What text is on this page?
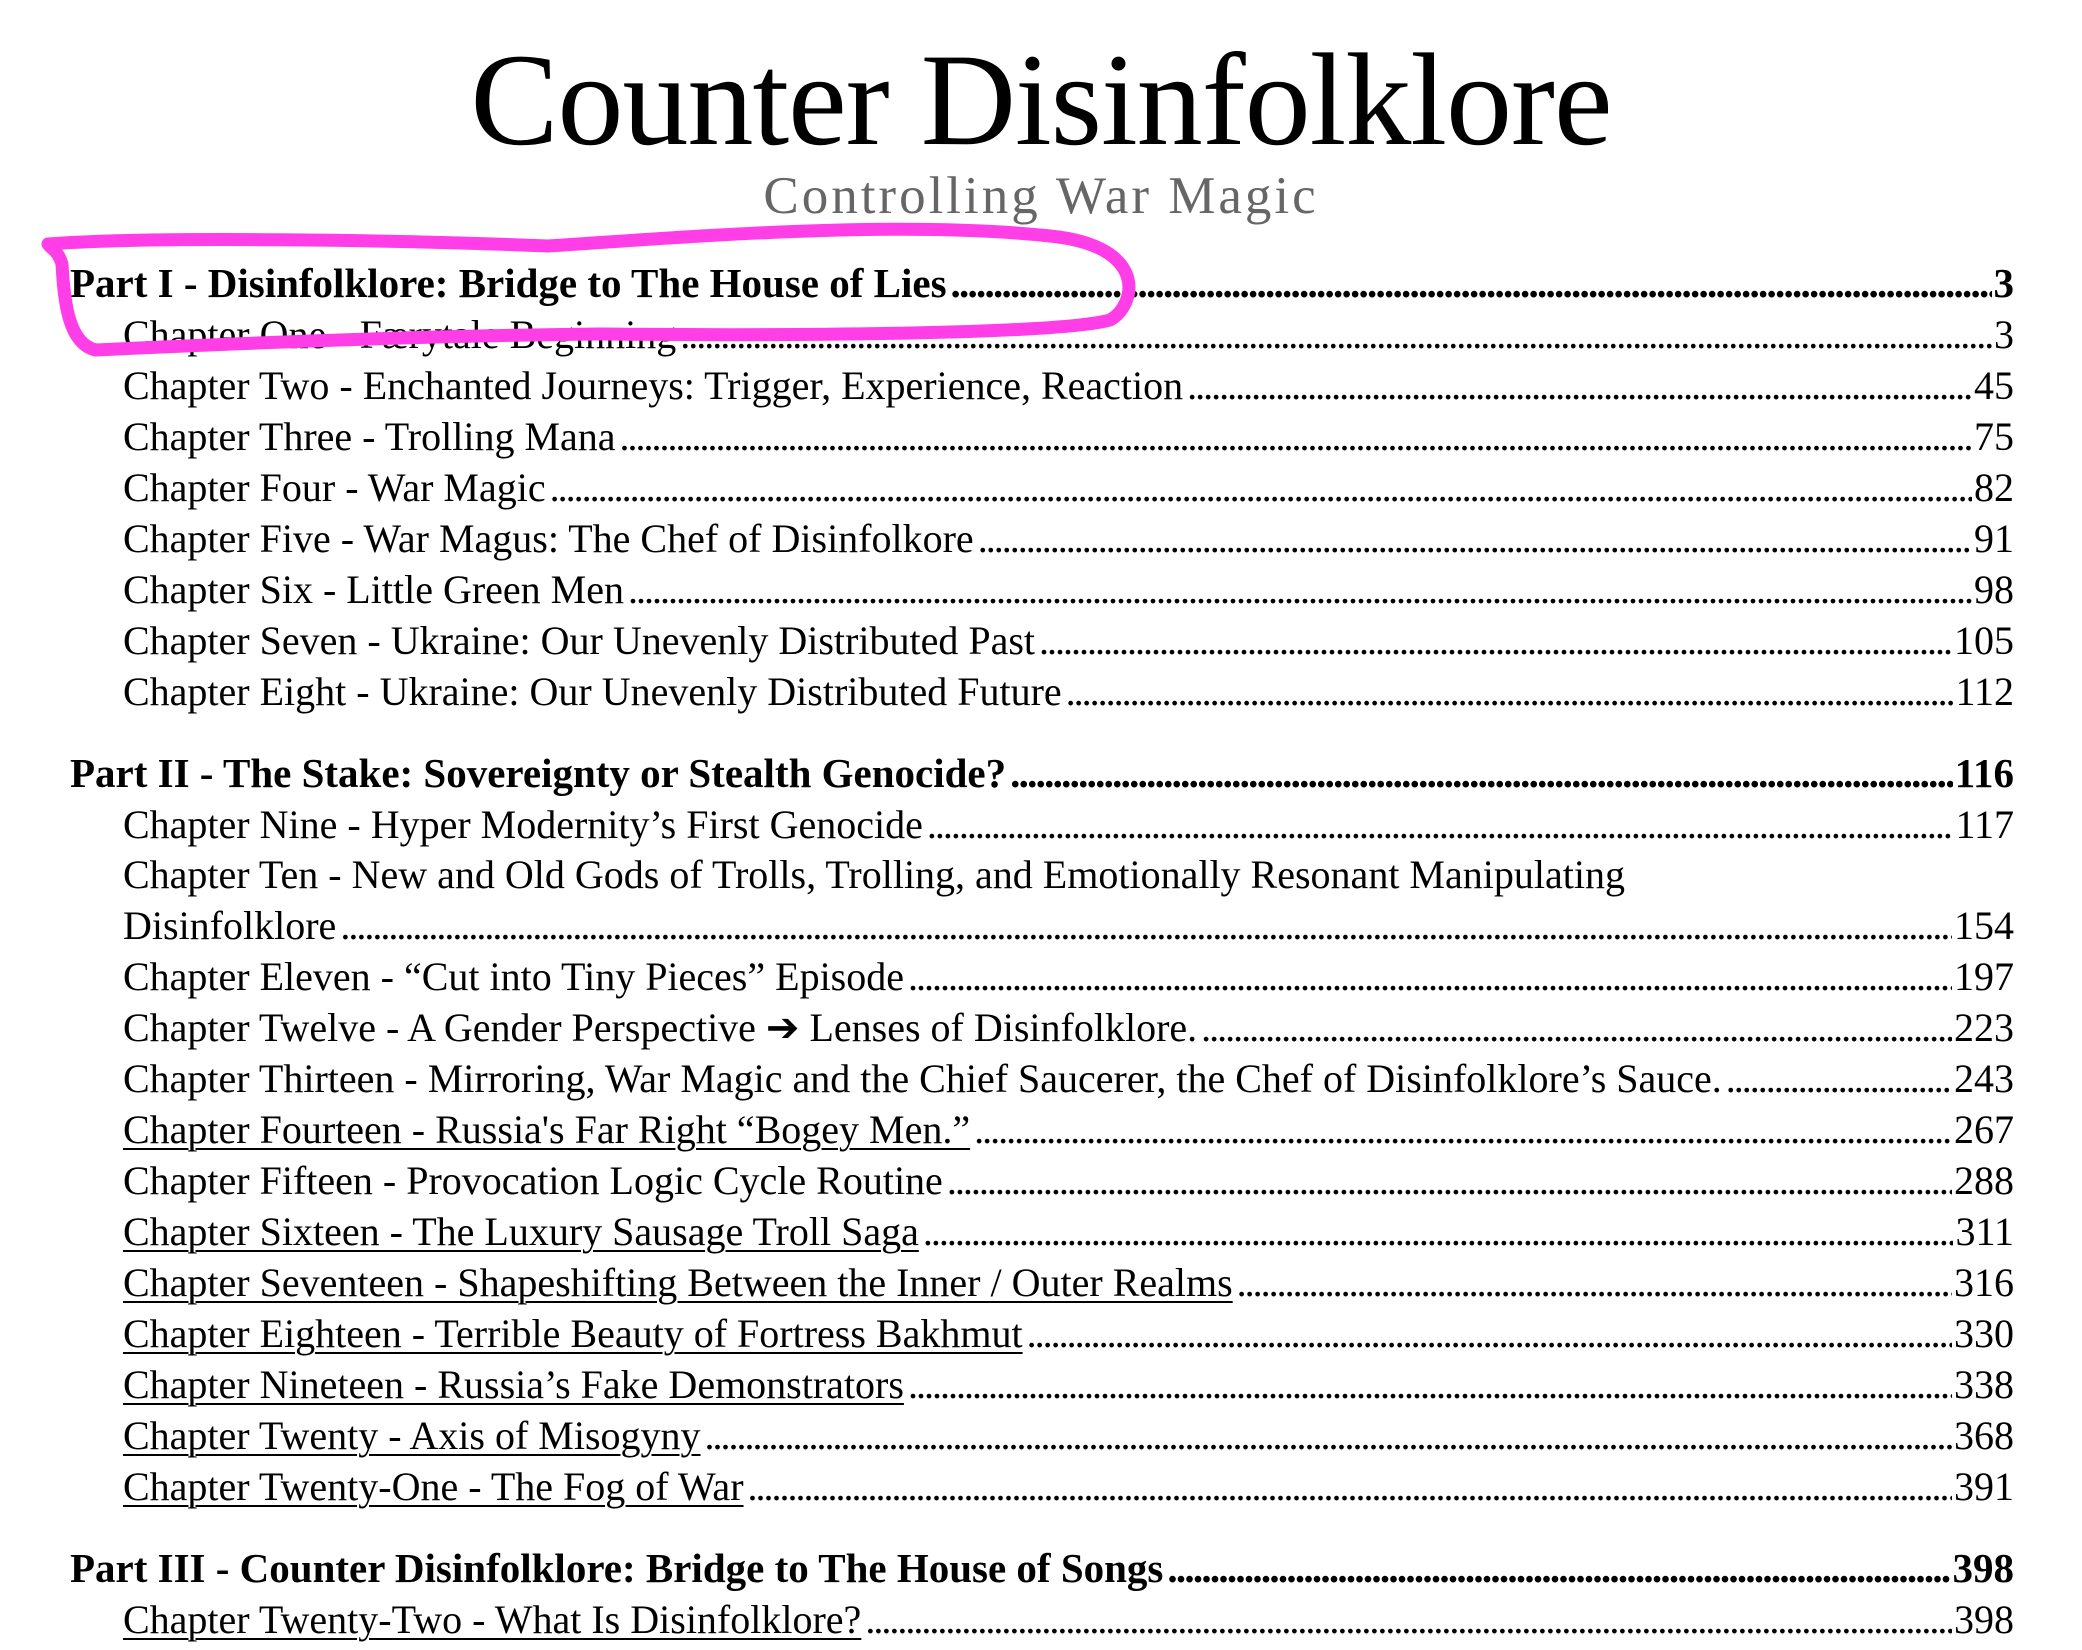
Counter Disinfolklore
Controlling War Magic
Part I - Disinfolklore: Bridge to The House of Lies . . .	3
Chapter One - Færytale Beginning . . .	3
Chapter Two - Enchanted Journeys: Trigger, Experience, Reaction . . .	45
Chapter Three - Trolling Mana . . .	75
Chapter Four - War Magic . . .	82
Chapter Five - War Magus: The Chef of Disinfolkore . . .	91
Chapter Six - Little Green Men . . .	98
Chapter Seven - Ukraine: Our Unevenly Distributed Past . . .	105
Chapter Eight - Ukraine: Our Unevenly Distributed Future . . .	112
Part II - The Stake: Sovereignty or Stealth Genocide? . . .	116
Chapter Nine - Hyper Modernity’s First Genocide . . .	117
Chapter Ten - New and Old Gods of Trolls, Trolling, and Emotionally Resonant Manipulating
Disinfolklore . . .	154
Chapter Eleven - “Cut into Tiny Pieces” Episode . . .	197
Chapter Twelve - A Gender Perspective ➔ Lenses of Disinfolklore. . . .	223
Chapter Thirteen - Mirroring, War Magic and the Chief Saucerer, the Chef of Disinfolklore’s Sauce. . . .	243
Chapter Fourteen - Russia's Far Right “Bogey Men.” . . .	267
Chapter Fifteen - Provocation Logic Cycle Routine . . .	288
Chapter Sixteen - The Luxury Sausage Troll Saga . . .	311
Chapter Seventeen - Shapeshifting Between the Inner / Outer Realms . . .	316
Chapter Eighteen - Terrible Beauty of Fortress Bakhmut . . .	330
Chapter Nineteen - Russia’s Fake Demonstrators . . .	338
Chapter Twenty - Axis of Misogyny . . .	368
Chapter Twenty-One - The Fog of War . . .	391
Part III - Counter Disinfolklore: Bridge to The House of Songs . . .	398
Chapter Twenty-Two - What Is Disinfolklore? . . .	398
